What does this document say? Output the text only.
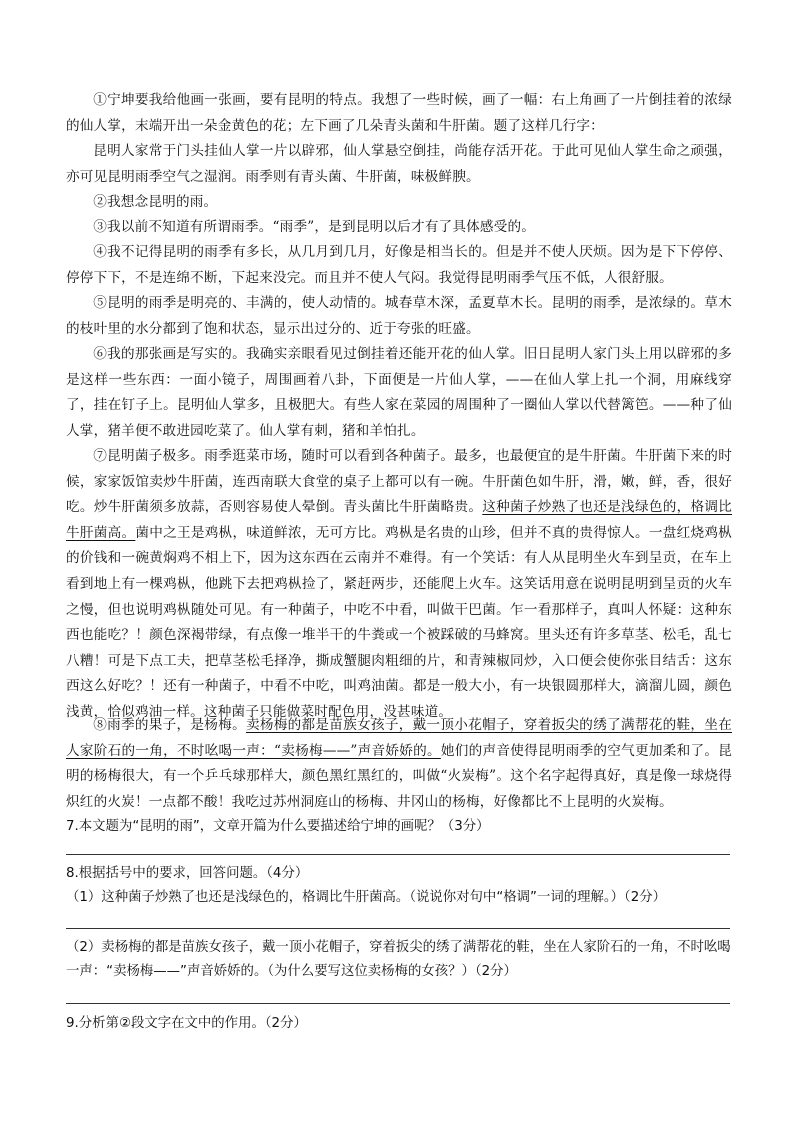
①宁坤要我给他画一张画，要有昆明的特点。我想了一些时候，画了一幅：右上角画了一片倒挂着的浓绿的仙人掌，末端开出一朵金黄色的花；左下画了几朵青头菌和牛肝菌。题了这样几行字：

昆明人家常于门头挂仙人掌一片以辟邪，仙人掌悬空倒挂，尚能存活开花。于此可见仙人掌生命之顽强，亦可见昆明雨季空气之湿润。雨季则有青头菌、牛肝菌，味极鲜腴。

②我想念昆明的雨。

③我以前不知道有所谓雨季。“雨季”，是到昆明以后才有了具体感受的。

④我不记得昆明的雨季有多长，从几月到几月，好像是相当长的。但是并不使人厌烦。因为是下下停停、停停下下，不是连绵不断，下起来没完。而且并不使人气闷。我觉得昆明雨季气压不低，人很舒服。

⑤昆明的雨季是明亮的、丰满的，使人动情的。城春草木深，孟夏草木长。昆明的雨季，是浓绿的。草木的枝叶里的水分都到了饱和状态，显示出过分的、近于夸张的旺盛。

⑥我的那张画是写实的。我确实亲眼看见过倒挂着还能开花的仙人掌。旧日昆明人家门头上用以辟邪的多是这样一些东西：一面小镜子，周围画着八卦，下面便是一片仙人掌，——在仙人掌上扎一个洞，用麻线穿了，挂在钉子上。昆明仙人掌多，且极肥大。有些人家在菜园的周围种了一圈仙人掌以代替篱笆。——种了仙人掌，猪羊便不敢进园吃菜了。仙人掌有刺，猪和羊怕扎。

⑦昆明菌子极多。雨季逛菜市场，随时可以看到各种菌子。最多，也最便宜的是牛肝菌。牛肝菌下来的时候，家家饭馆卖炒牛肝菌，连西南联大食堂的桌子上都可以有一碗。牛肝菌色如牛肝，滑，嫩，鲜，香，很好吃。炒牛肝菌须多放蒜，否则容易使人晕倒。青头菌比牛肝菌略贵。这种菌子炒熟了也还是浅绿色的，格调比牛肝菌高。菌中之王是鸡枞，味道鲜浓，无可方比。鸡枞是名贵的山珍，但并不真的贵得惊人。一盘红烧鸡枞的价钱和一碗黄焖鸡不相上下，因为这东西在云南并不难得。有一个笑话：有人从昆明坐火车到呈贡，在车上看到地上有一棵鸡枞，他跳下去把鸡枞捡了，紧赶两步，还能爬上火车。这笑话用意在说明昆明到呈贡的火车之慢，但也说明鸡枞随处可见。有一种菌子，中吃不中看，叫做干巴菌。乍一看那样子，真叫人怀疑：这种东西也能吃？！颜色深褐带绿，有点像一堆半干的牛粪或一个被踩破的马蜂窝。里头还有许多草茎、松毛，乱七八糟！可是下点工夫，把草茎松毛择净，撕成蟹腿肉粗细的片，和青辣椒同炒，入口便会使你张目结舌：这东西这么好吃？！还有一种菌子，中看不中吃，叫鸡油菌。都是一般大小，有一块银圆那样大，滴溜儿圆，颜色浅黄，恰似鸡油一样。这种菌子只能做菜时配色用，没甚味道。

⑧雨季的果子，是杨梅。卖杨梅的都是苗族女孩子，戴一顶小花帽子，穿着扳尖的绣了满帮花的鞋，坐在人家阶石的一角，不时吆喝一声：“卖杨梅——”声音娇娇的。她们的声音使得昆明雨季的空气更加柔和了。昆明的杨梅很大，有一个乒乓球那样大，颜色黑红黑红的，叫做“火炭梅”。这个名字起得真好，真是像一球烧得炽红的火炭！一点都不酸！我吃过苏州洞庭山的杨梅、井冈山的杨梅，好像都比不上昆明的火炭梅。

7.本文题为“昆明的雨”，文章开篇为什么要描述给宁坤的画呢？（3分）

8.根据括号中的要求，回答问题。（4分）

（1）这种菌子炒熟了也还是浅绿色的，格调比牛肝菌高。（说说你对句中“格调”一词的理解。）（2分）

（2）卖杨梅的都是苗族女孩子，戴一顶小花帽子，穿着扳尖的绣了满帮花的鞋，坐在人家阶石的一角，不时吆喝一声：“卖杨梅——”声音娇娇的。（为什么要写这位卖杨梅的女孩？）（2分）

9.分析第②段文字在文中的作用。（2分）
